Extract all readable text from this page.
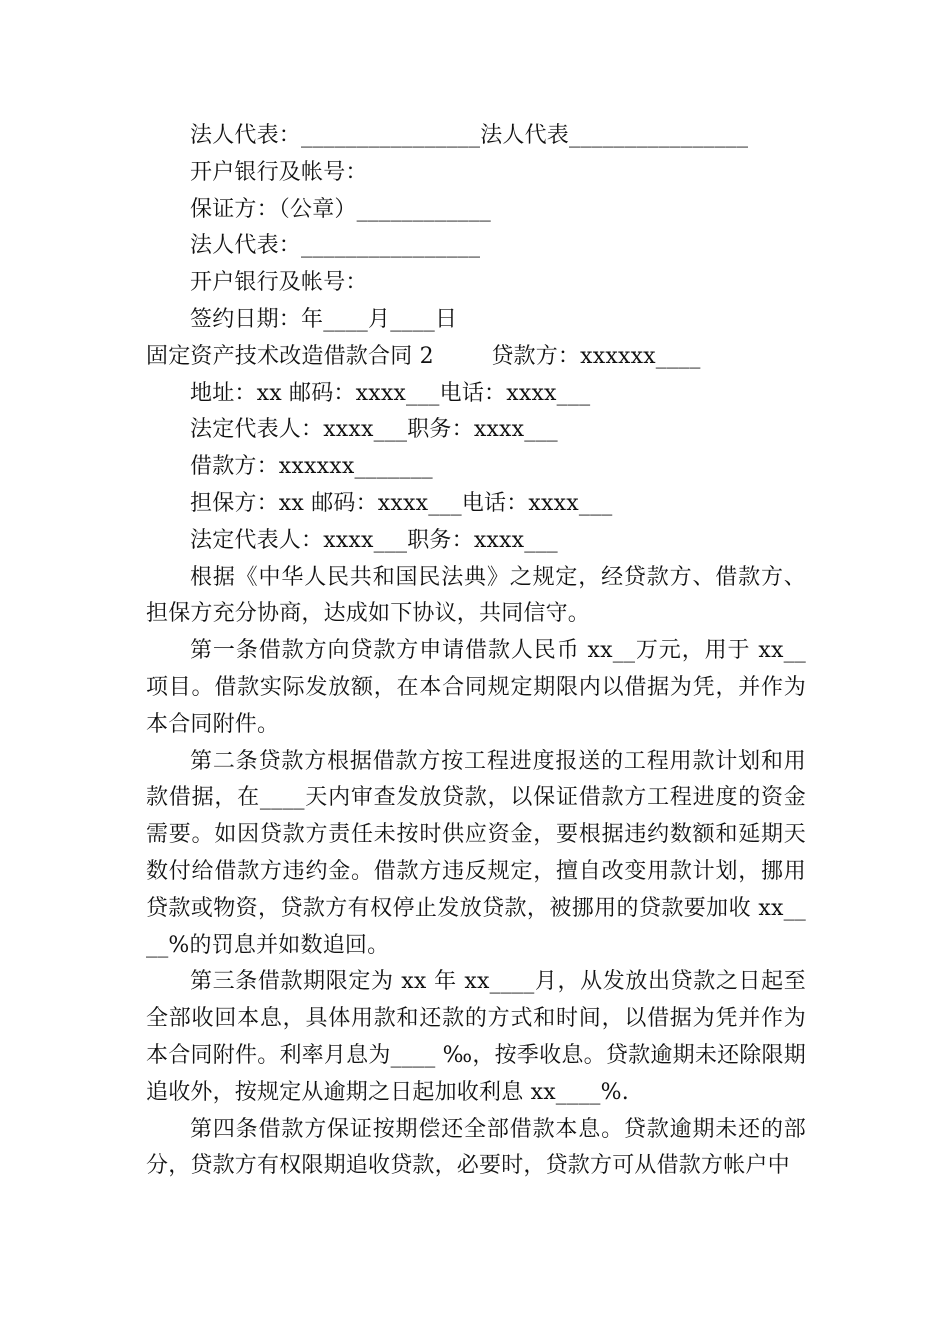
法人代表：________________法人代表________________
开户银行及帐号：
保证方：（公章）____________
法人代表：________________
开户银行及帐号：
签约日期：年____月____日
固定资产技术改造借款合同 2        贷款方：xxxxxx____
地址：xx 邮码：xxxx___电话：xxxx___
法定代表人：xxxx___职务：xxxx___
借款方：xxxxxx_______
担保方：xx 邮码：xxxx___电话：xxxx___
法定代表人：xxxx___职务：xxxx___
根据《中华人民共和国民法典》之规定，经贷款方、借款方、担保方充分协商，达成如下协议，共同信守。
第一条借款方向贷款方申请借款人民币 xx__万元，用于 xx__项目。借款实际发放额，在本合同规定期限内以借据为凭，并作为本合同附件。
第二条贷款方根据借款方按工程进度报送的工程用款计划和用款借据，在____天内审查发放贷款，以保证借款方工程进度的资金需要。如因贷款方责任未按时供应资金，要根据违约数额和延期天数付给借款方违约金。借款方违反规定，擅自改变用款计划，挪用贷款或物资，贷款方有权停止发放贷款，被挪用的贷款要加收 xx____%的罚息并如数追回。
第三条借款期限定为 xx 年 xx____月，从发放出贷款之日起至全部收回本息，具体用款和还款的方式和时间，以借据为凭并作为本合同附件。利率月息为____ ‰，按季收息。贷款逾期未还除限期追收外，按规定从逾期之日起加收利息 xx____%.
第四条借款方保证按期偿还全部借款本息。贷款逾期未还的部分，贷款方有权限期追收贷款，必要时，贷款方可从借款方帐户中
